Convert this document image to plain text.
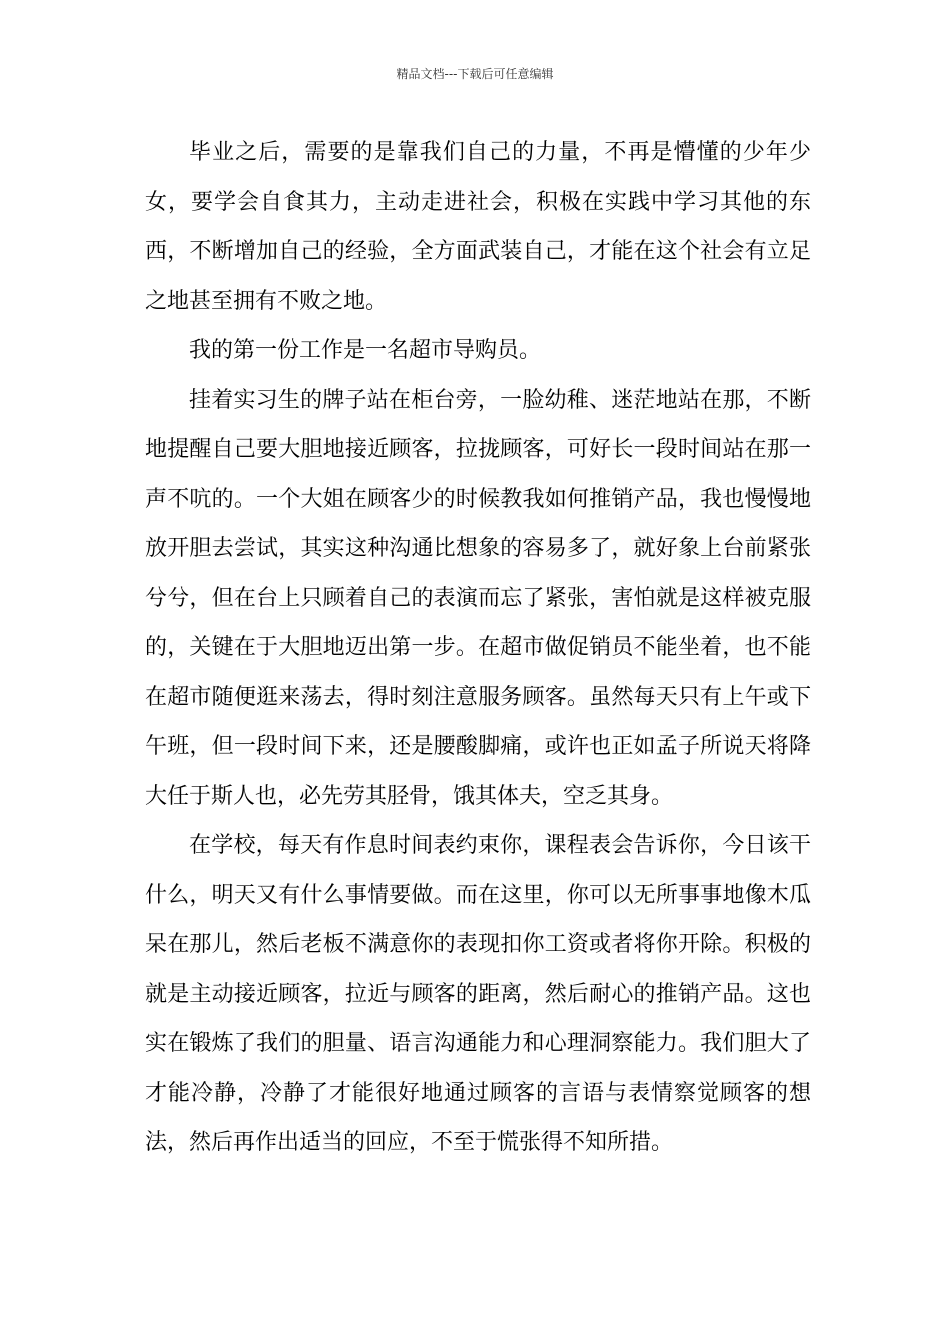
精品文档---下载后可任意编辑

毕业之后，需要的是靠我们自己的力量，不再是懵懂的少年少女，要学会自食其力，主动走进社会，积极在实践中学习其他的东西，不断增加自己的经验，全方面武装自己，才能在这个社会有立足之地甚至拥有不败之地。

我的第一份工作是一名超市导购员。

挂着实习生的牌子站在柜台旁，一脸幼稚、迷茫地站在那，不断地提醒自己要大胆地接近顾客，拉拢顾客，可好长一段时间站在那一声不吭的。一个大姐在顾客少的时候教我如何推销产品，我也慢慢地放开胆去尝试，其实这种沟通比想象的容易多了，就好象上台前紧张兮兮，但在台上只顾着自己的表演而忘了紧张，害怕就是这样被克服的，关键在于大胆地迈出第一步。在超市做促销员不能坐着，也不能在超市随便逛来荡去，得时刻注意服务顾客。虽然每天只有上午或下午班，但一段时间下来，还是腰酸脚痛，或许也正如孟子所说天将降大任于斯人也，必先劳其胫骨，饿其体夫，空乏其身。

在学校，每天有作息时间表约束你，课程表会告诉你，今日该干什么，明天又有什么事情要做。而在这里，你可以无所事事地像木瓜呆在那儿，然后老板不满意你的表现扣你工资或者将你开除。积极的就是主动接近顾客，拉近与顾客的距离，然后耐心的推销产品。这也实在锻炼了我们的胆量、语言沟通能力和心理洞察能力。我们胆大了才能冷静，冷静了才能很好地通过顾客的言语与表情察觉顾客的想法，然后再作出适当的回应，不至于慌张得不知所措。
